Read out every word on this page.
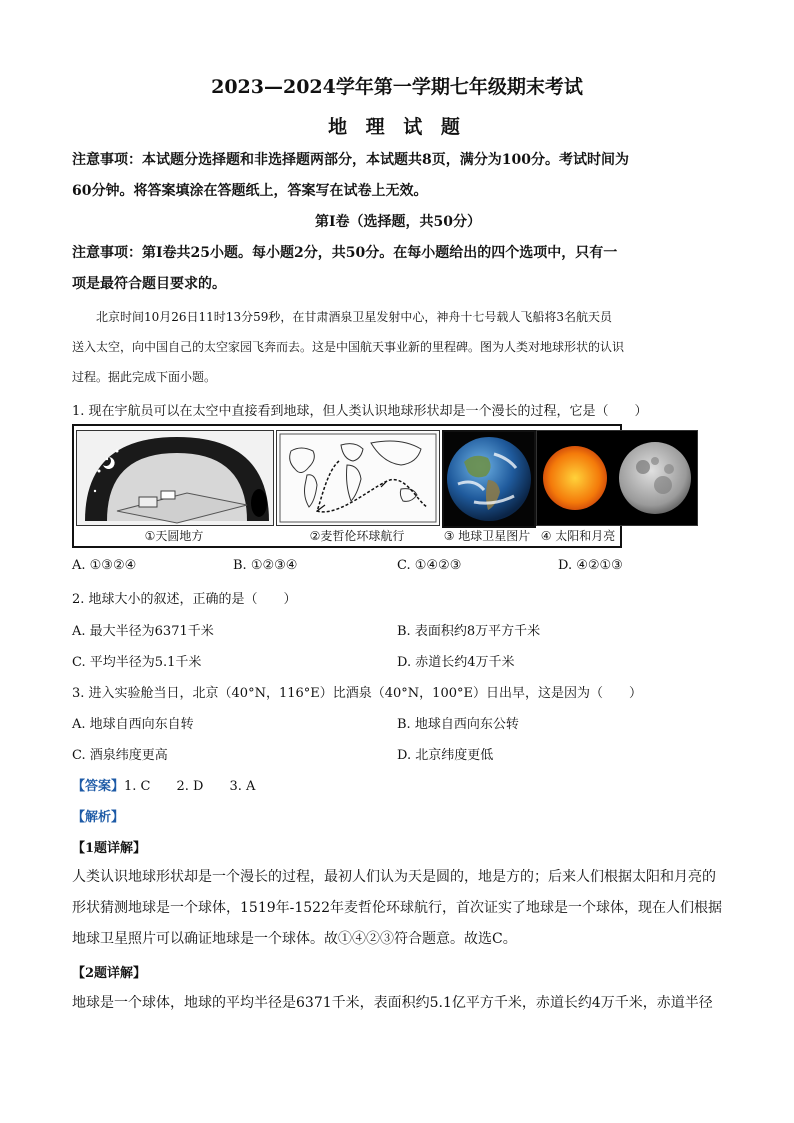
2023—2024学年第一学期七年级期末考试
地 理 试 题
注意事项：本试题分选择题和非选择题两部分，本试题共8页，满分为100分。考试时间为
60分钟。将答案填涂在答题纸上，答案写在试卷上无效。
第Ⅰ卷（选择题，共50分）
注意事项：第Ⅰ卷共25小题。每小题2分，共50分。在每小题给出的四个选项中，只有一
项是最符合题目要求的。
北京时间10月26日11时13分59秒，在甘肃酒泉卫星发射中心，神舟十七号载人飞船将3名航天员
送入太空，向中国自己的太空家园飞奔而去。这是中国航天事业新的里程碑。图为人类对地球形状的认识
过程。据此完成下面小题。
1. 现在宇航员可以在太空中直接看到地球，但人类认识地球形状却是一个漫长的过程，它是（　　）
①天圆地方	②麦哲伦环球航行	③ 地球卫星图片 ④ 太阳和月亮
A. ①③②④	B. ①②③④	C. ①④②③	D. ④②①③
2. 地球大小的叙述，正确的是（　　）
A. 最大半径为6371千米	B. 表面积约8万平方千米
C. 平均半径为5.1千米	D. 赤道长约4万千米
3. 进入实验舱当日，北京（40°N，116°E）比酒泉（40°N，100°E）日出早，这是因为（　　）
A. 地球自西向东自转	B. 地球自西向东公转
C. 酒泉纬度更高	D. 北京纬度更低
【答案】1. C　　2. D　　3. A
【解析】
【1题详解】
人类认识地球形状却是一个漫长的过程，最初人们认为天是圆的，地是方的；后来人们根据太阳和月亮的
形状猜测地球是一个球体，1519年-1522年麦哲伦环球航行，首次证实了地球是一个球体，现在人们根据
地球卫星照片可以确证地球是一个球体。故①④②③符合题意。故选C。
【2题详解】
地球是一个球体，地球的平均半径是6371千米，表面积约5.1亿平方千米，赤道长约4万千米，赤道半径
